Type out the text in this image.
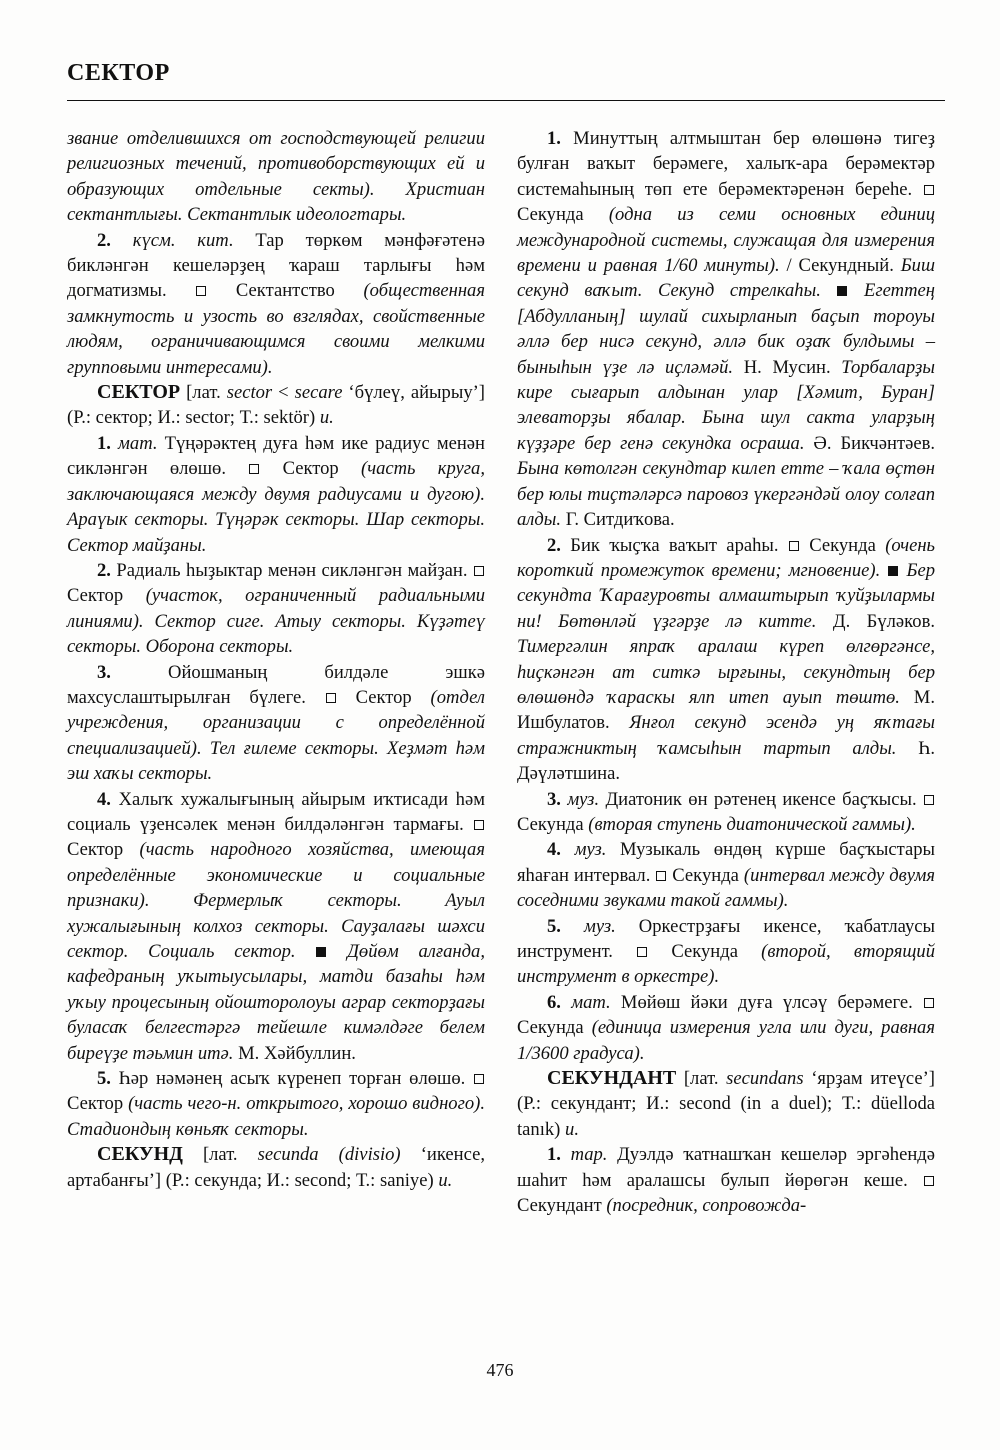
СЕКТОР

звание отделившихся от господствующей религии религиозных течений, противоборствующих ей и образующих отдельные секты). Христиан сектантлығы. Сектантлык идеологтары.

2. күсм. кит. Тар төркөм мәнфәғәтенә бикләнгән кешеләрҙең ҡараш тарлығы һәм догматизмы.  Сектантство (общественная замкнутость и узость во взглядах, свойственные людям, ограничивающимся своими мелкими групповыми интересами).

СЕКТОР [лат. sector < secare ‘бүлеү, айырыу’] (Р.: сектор; И.: sector; Т.: sektör) и.

1. мат. Түңәрәктең дуға һәм ике радиус менән сикләнгән өлөшө.  Сектор (часть круга, заключающаяся между двумя радиусами и дугою). Араүык секторы. Түңәрәк секторы. Шар секторы. Сектор майҙаны.

2. Радиаль һыҙыктар менән сикләнгән майҙан.  Сектор (участок, ограниченный радиальными линиями). Сектор сиге. Атыу секторы. Күҙәтеү секторы. Оборона секторы.

3. Ойошманың билдәле эшкә махсуслаштырылған бүлеге.  Сектор (отдел учреждения, организации с определённой специализацией). Тел ғилеме секторы. Хеҙмәт һәм эш хаҡы секторы.

4. Халыҡ хужалығының айырым иҡтисади һәм социаль үҙенсәлек менән билдәләнгән тармағы.  Сектор (часть народного хозяйства, имеющая определённые экономические и социальные признаки). Фермерлыҡ секторы. Ауыл хужалығының колхоз секторы. Сауҙалағы шәхси сектор. Социаль сектор.  Дөйөм алғанда, кафедраның уҡытыусылары, матди базаһы һәм уҡыу процесының ойошторолоуы аграр секторҙағы буласаҡ белгестәргә тейешле кимәлдәге белем биреүҙе тәьмин итә. М. Хәйбуллин.

5. Һәр нәмәнең асыҡ күренеп торған өлөшө.  Сектор (часть чего-н. открытого, хорошо видного). Стадиондың көньяҡ секторы.

СЕКУНД [лат. secunda (divisio) ‘икенсе, артабанғы’] (Р.: секунда; И.: second; Т.: saniye) и.

1. Минуттың алтмыштан бер өлөшөнә тигеҙ булған ваҡыт берәмеге, халыҡ-ара берәмектәр системаһының төп ете берәмектәренән береһе.  Секунда (одна из семи основных единиц международной системы, служащая для измерения времени и равная 1/60 минуты). / Секундный. Биш секунд ваҡыт. Секунд стрелкаһы.  Егеттең [Абдулланың] шулай сихырланып баҫып тороуы әллә бер нисә секунд, әллә бик оҙаҡ булдымы – быныһын үҙе лә иҫләмәй. Н. Мусин. Торбаларҙы кире сығарып алдынан улар [Хәмит, Буран] элеваторҙы ябалар. Бына шул сакта уларҙың күҙҙәре бер генә секундка осраша. Ә. Бикчәнтәев. Бына көтолгән секундтар килеп етте – ҡала өҫтөн бер юлы тиҫтәләрсә паровоз үкергәндәй олоу солғап алды. Г. Ситдиҡова.

2. Бик ҡыҫҡа ваҡыт араһы.  Секунда (очень короткий промежуток времени; мгновение).  Бер секундта Ҡарағуровты алмаштырып ҡуйҙылармы ни! Бөтөнләй үҙгәрҙе лә китте. Д. Бүләков. Тимергәлин япраҡ аралаш күреп өлгөргәнсе, һиҫкәнгән ат ситкә ырғыны, секундтың бер өлөшөндә ҡараскы ялп итеп ауып төштө. М. Ишбулатов. Янғол секунд эсендә уң яҡтағы стражниктың ҡамсыһын тартып алды. Һ. Дәүләтшина.

3. муз. Диатоник өн рәтенең икенсе баҫҡысы.  Секунда (вторая ступень диатонической гаммы).

4. муз. Музыкаль өндөң күрше баҫҡыстары яһаған интервал.  Секунда (интервал между двумя соседними звуками такой гаммы).

5. муз. Оркестрҙағы икенсе, ҡабатлаусы инструмент.  Секунда (второй, вторящий инструмент в оркестре).

6. мат. Мөйөш йәки дуға үлсәү берәмеге.  Секунда (единица измерения угла или дуги, равная 1/3600 градуса).

СЕКУНДАНТ [лат. secundans ‘ярҙам итеүсе’] (Р.: секундант; И.: second (in a duel); Т.: düellodа tanık) и.

1. тар. Дуэлдә ҡатнашҡан кешеләр эргәһендә шаһит һәм аралашсы булып йөрөгән кеше.  Секундант (посредник, сопровожда-

476
